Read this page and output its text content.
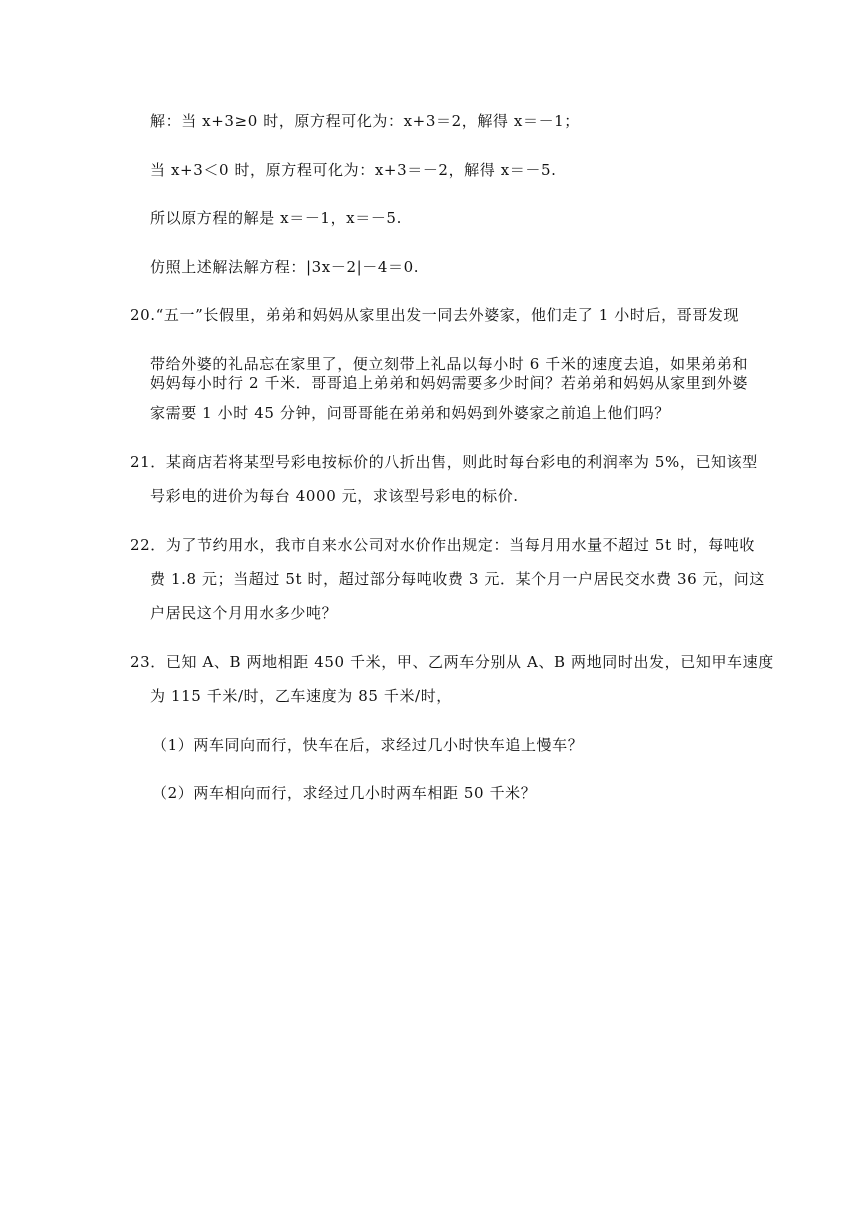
解：当 x+3≥0 时，原方程可化为：x+3＝2，解得 x＝－1；
当 x+3＜0 时，原方程可化为：x+3＝－2，解得 x＝－5.
所以原方程的解是 x＝－1，x＝－5.
仿照上述解法解方程：|3x－2|－4＝0.
20.“五一”长假里，弟弟和妈妈从家里出发一同去外婆家，他们走了 1 小时后，哥哥发现
带给外婆的礼品忘在家里了，便立刻带上礼品以每小时 6 千米的速度去追，如果弟弟和
妈妈每小时行 2 千米．哥哥追上弟弟和妈妈需要多少时间？若弟弟和妈妈从家里到外婆
家需要 1 小时 45 分钟，问哥哥能在弟弟和妈妈到外婆家之前追上他们吗？
21．某商店若将某型号彩电按标价的八折出售，则此时每台彩电的利润率为 5%，已知该型
号彩电的进价为每台 4000 元，求该型号彩电的标价.
22．为了节约用水，我市自来水公司对水价作出规定：当每月用水量不超过 5t 时，每吨收
费 1.8 元；当超过 5t 时，超过部分每吨收费 3 元．某个月一户居民交水费 36 元，问这
户居民这个月用水多少吨？
23．已知 A、B 两地相距 450 千米，甲、乙两车分别从 A、B 两地同时出发，已知甲车速度
为 115 千米/时，乙车速度为 85 千米/时，
（1）两车同向而行，快车在后，求经过几小时快车追上慢车？
（2）两车相向而行，求经过几小时两车相距 50 千米？
